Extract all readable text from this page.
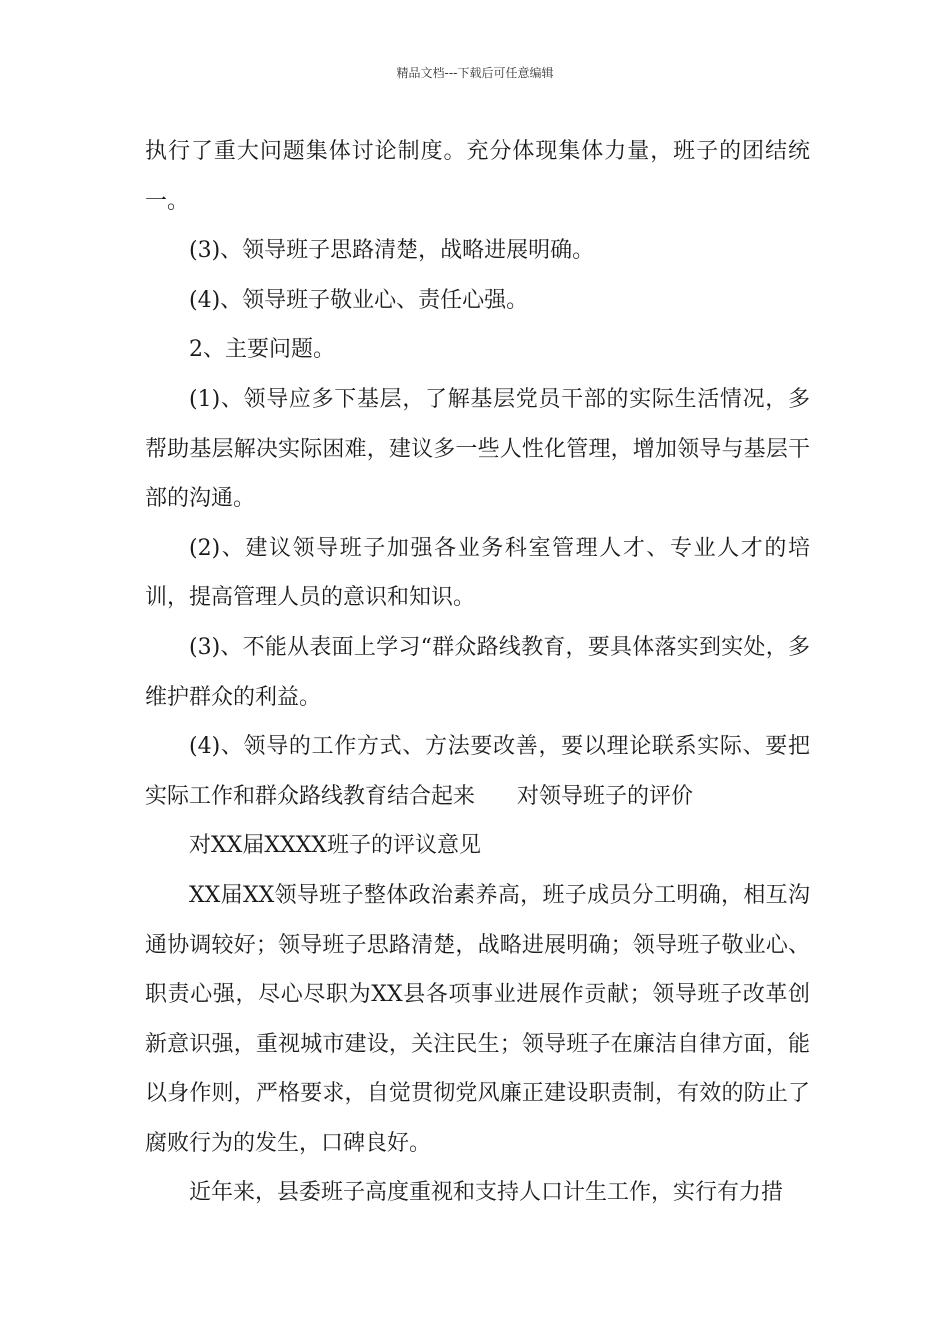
精品文档---下载后可任意编辑

执行了重大问题集体讨论制度。充分体现集体力量，班子的团结统一。

(3)、领导班子思路清楚，战略进展明确。

(4)、领导班子敬业心、责任心强。

2、主要问题。

(1)、领导应多下基层，了解基层党员干部的实际生活情况，多帮助基层解决实际困难，建议多一些人性化管理，增加领导与基层干部的沟通。

(2)、建议领导班子加强各业务科室管理人才、专业人才的培训，提高管理人员的意识和知识。

(3)、不能从表面上学习“群众路线教育，要具体落实到实处，多维护群众的利益。

(4)、领导的工作方式、方法要改善，要以理论联系实际、要把实际工作和群众路线教育结合起来 对领导班子的评价

对XX届XXXX班子的评议意见

XX届XX领导班子整体政治素养高，班子成员分工明确，相互沟通协调较好；领导班子思路清楚，战略进展明确；领导班子敬业心、职责心强，尽心尽职为XX县各项事业进展作贡献；领导班子改革创新意识强，重视城市建设，关注民生；领导班子在廉洁自律方面，能以身作则，严格要求，自觉贯彻党风廉正建设职责制，有效的防止了腐败行为的发生，口碑良好。

近年来，县委班子高度重视和支持人口计生工作，实行有力措
